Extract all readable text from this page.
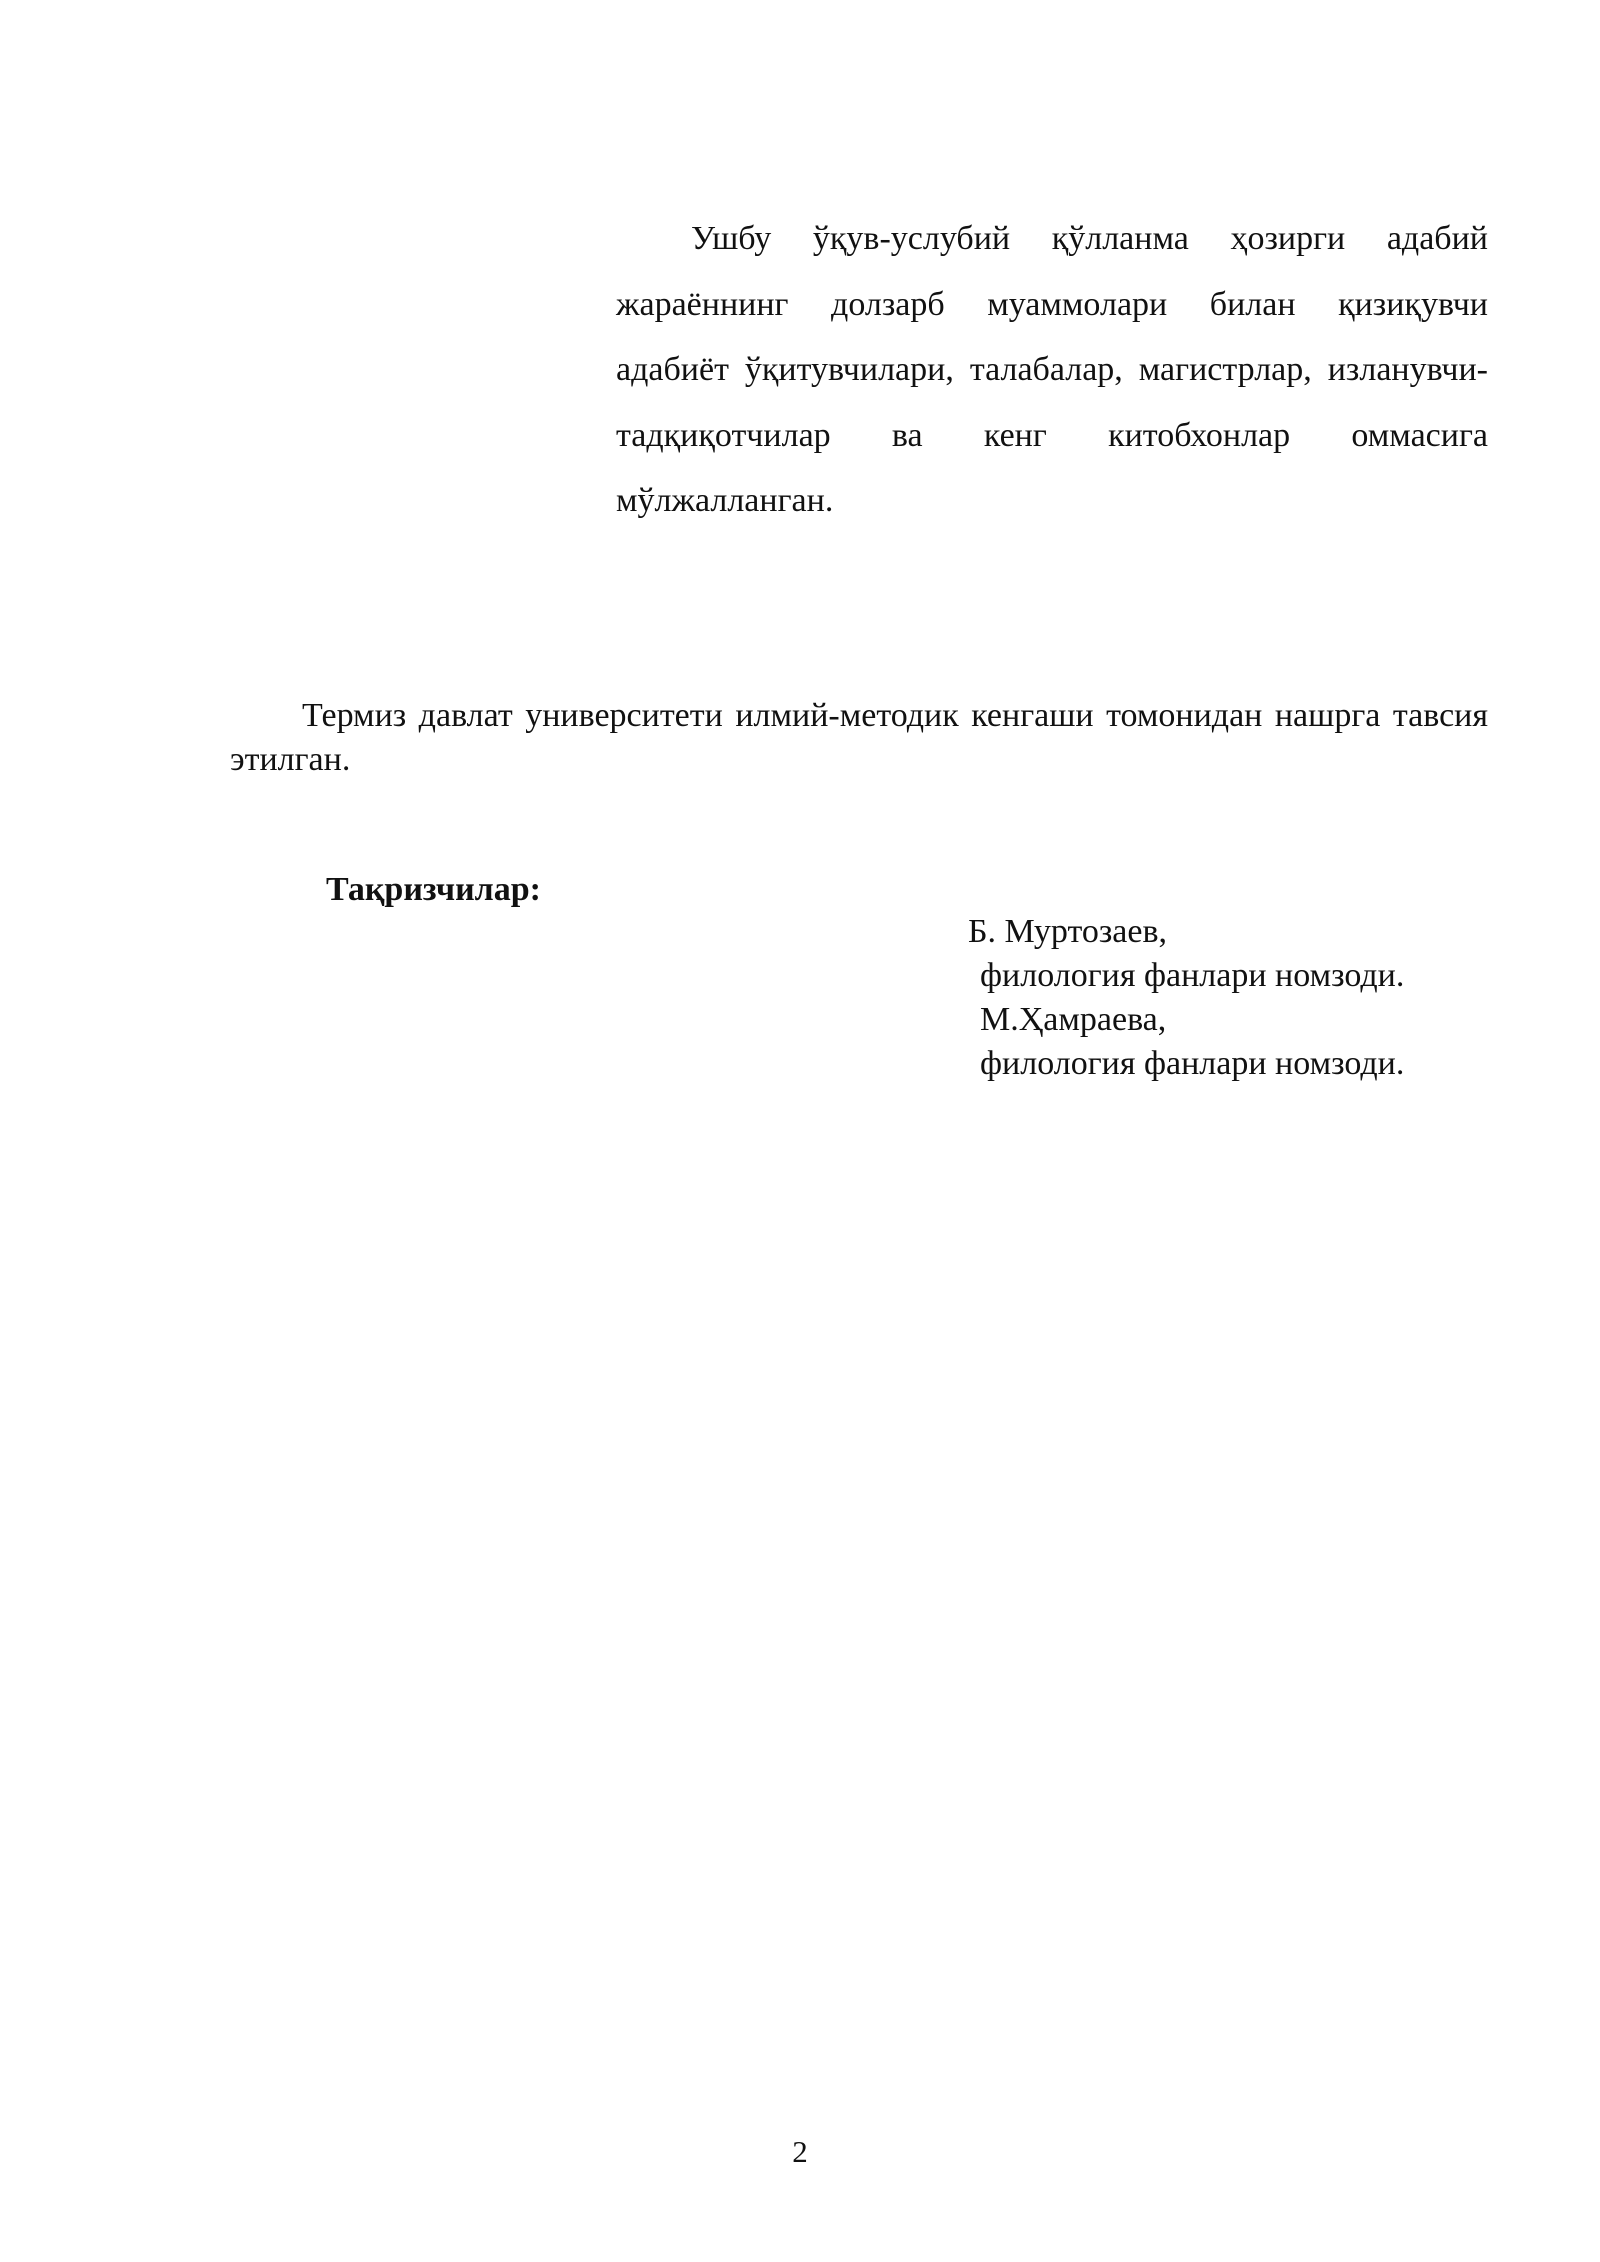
Ушбу ўқув-услубий қўлланма ҳозирги адабий жараённинг долзарб муаммолари билан қизиқувчи адабиёт ўқитувчилари, талабалар, магистрлар, изланувчи-тадқиқотчилар ва кенг китобхонлар оммасига мўлжалланган.

Термиз давлат университети илмий-методик кенгаши томонидан нашрга тавсия этилган.

Тақризчилар:
Б. Муртозаев,
филология фанлари номзоди.
М.Ҳамраева,
филология фанлари номзоди.
2
